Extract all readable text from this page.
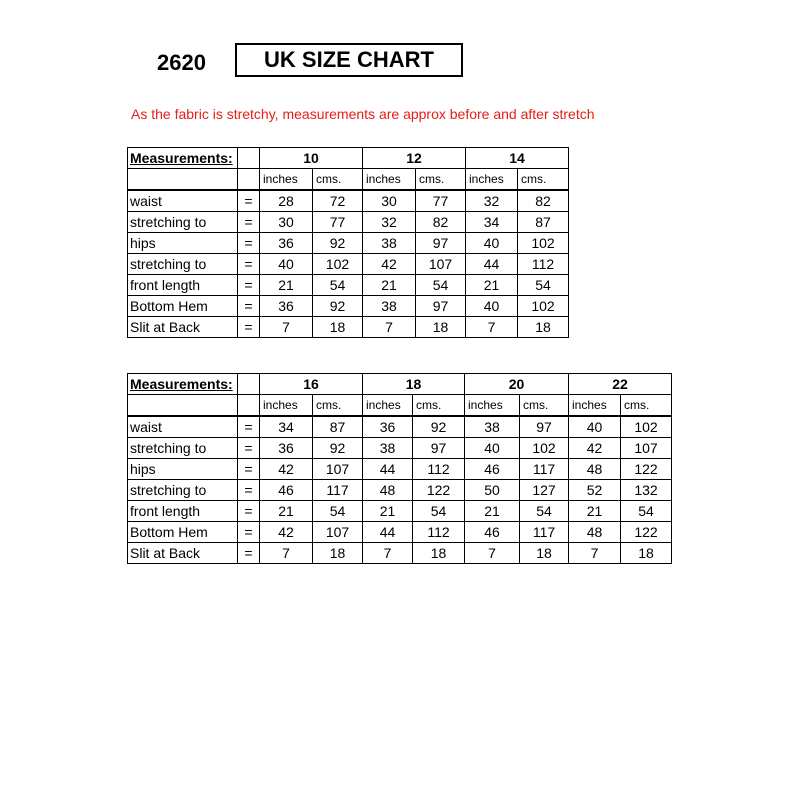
2620	UK SIZE CHART
As the fabric is stretchy, measurements are approx before and after stretch
Measurements:		10		12		14	
		inches	cms.	inches	cms.	inches	cms.
waist	=	28	72	30	77	32	82
stretching to	=	30	77	32	82	34	87
hips	=	36	92	38	97	40	102
stretching to	=	40	102	42	107	44	112
front length	=	21	54	21	54	21	54
Bottom Hem	=	36	92	38	97	40	102
Slit at Back	=	7	18	7	18	7	18
Measurements:		16		18		20		22	
		inches	cms.	inches	cms.	inches	cms.	inches	cms.
waist	=	34	87	36	92	38	97	40	102
stretching to	=	36	92	38	97	40	102	42	107
hips	=	42	107	44	112	46	117	48	122
stretching to	=	46	117	48	122	50	127	52	132
front length	=	21	54	21	54	21	54	21	54
Bottom Hem	=	42	107	44	112	46	117	48	122
Slit at Back	=	7	18	7	18	7	18	7	18
